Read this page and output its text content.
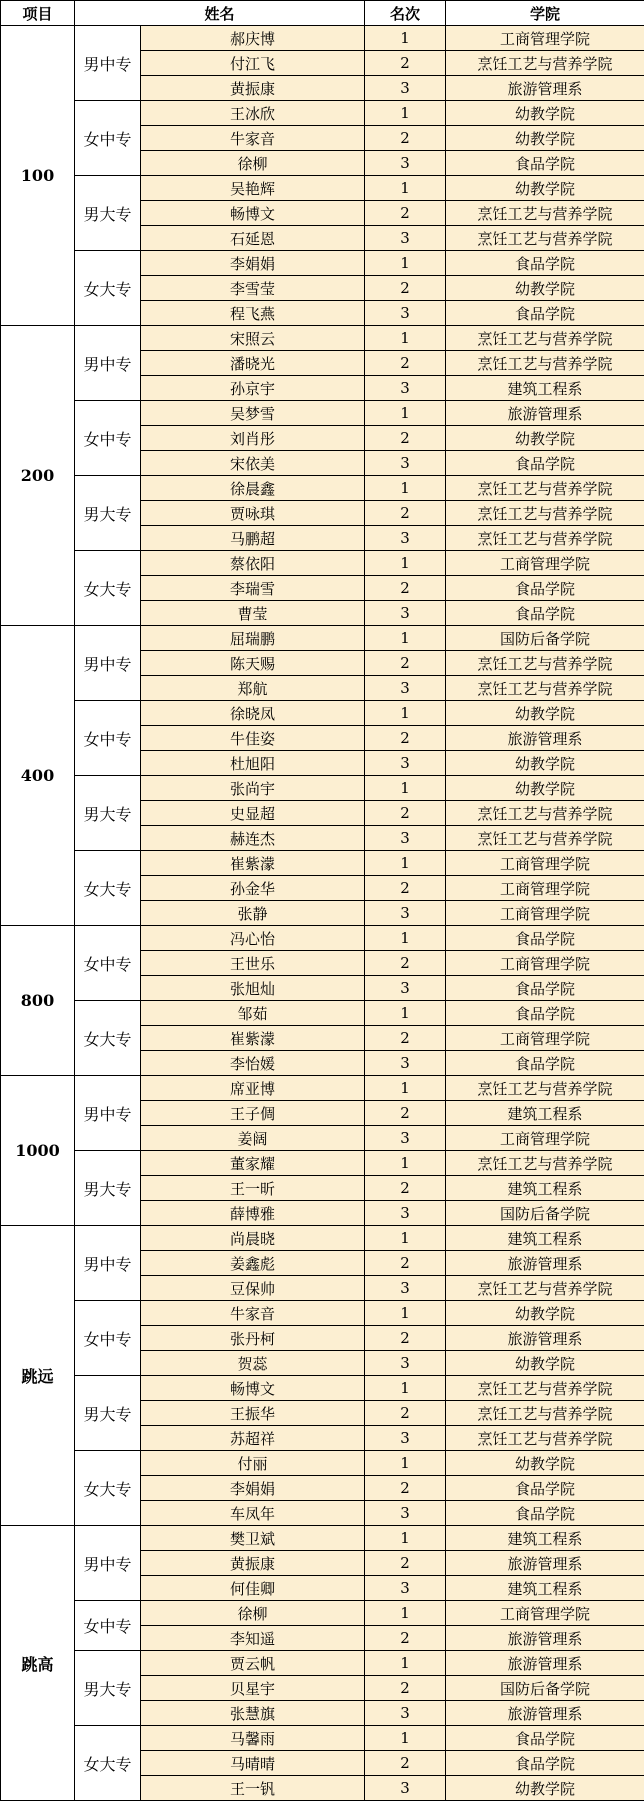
项目	姓名		名次	学院
100	男中专	郝庆博	1	工商管理学院
		付江飞	2	烹饪工艺与营养学院
		黄振康	3	旅游管理系
	女中专	王冰欣	1	幼教学院
		牛家音	2	幼教学院
		徐柳	3	食品学院
	男大专	吴艳辉	1	幼教学院
		畅博文	2	烹饪工艺与营养学院
		石延恩	3	烹饪工艺与营养学院
	女大专	李娟娟	1	食品学院
		李雪莹	2	幼教学院
		程飞燕	3	食品学院
200	男中专	宋照云	1	烹饪工艺与营养学院
		潘晓光	2	烹饪工艺与营养学院
		孙京宇	3	建筑工程系
	女中专	吴梦雪	1	旅游管理系
		刘肖彤	2	幼教学院
		宋依美	3	食品学院
	男大专	徐晨鑫	1	烹饪工艺与营养学院
		贾咏琪	2	烹饪工艺与营养学院
		马鹏超	3	烹饪工艺与营养学院
	女大专	蔡依阳	1	工商管理学院
		李瑞雪	2	食品学院
		曹莹	3	食品学院
400	男中专	屈瑞鹏	1	国防后备学院
		陈天赐	2	烹饪工艺与营养学院
		郑航	3	烹饪工艺与营养学院
	女中专	徐晓凤	1	幼教学院
		牛佳姿	2	旅游管理系
		杜旭阳	3	幼教学院
	男大专	张尚宇	1	幼教学院
		史显超	2	烹饪工艺与营养学院
		赫连杰	3	烹饪工艺与营养学院
	女大专	崔紫濛	1	工商管理学院
		孙金华	2	工商管理学院
		张静	3	工商管理学院
800	女中专	冯心怡	1	食品学院
		王世乐	2	工商管理学院
		张旭灿	3	食品学院
	女大专	邹茹	1	食品学院
		崔紫濛	2	工商管理学院
		李怡媛	3	食品学院
1000	男中专	席亚博	1	烹饪工艺与营养学院
		王子倜	2	建筑工程系
		姜阔	3	工商管理学院
	男大专	董家耀	1	烹饪工艺与营养学院
		王一昕	2	建筑工程系
		薛博雅	3	国防后备学院
跳远	男中专	尚晨晓	1	建筑工程系
		姜鑫彪	2	旅游管理系
		豆保帅	3	烹饪工艺与营养学院
	女中专	牛家音	1	幼教学院
		张丹柯	2	旅游管理系
		贺蕊	3	幼教学院
	男大专	畅博文	1	烹饪工艺与营养学院
		王振华	2	烹饪工艺与营养学院
		苏超祥	3	烹饪工艺与营养学院
	女大专	付丽	1	幼教学院
		李娟娟	2	食品学院
		车凤年	3	食品学院
跳高	男中专	樊卫斌	1	建筑工程系
		黄振康	2	旅游管理系
		何佳卿	3	建筑工程系
	女中专	徐柳	1	工商管理学院
		李知遥	2	旅游管理系
	男大专	贾云帆	1	旅游管理系
		贝星宇	2	国防后备学院
		张慧旗	3	旅游管理系
	女大专	马馨雨	1	食品学院
		马晴晴	2	食品学院
		王一钒	3	幼教学院
